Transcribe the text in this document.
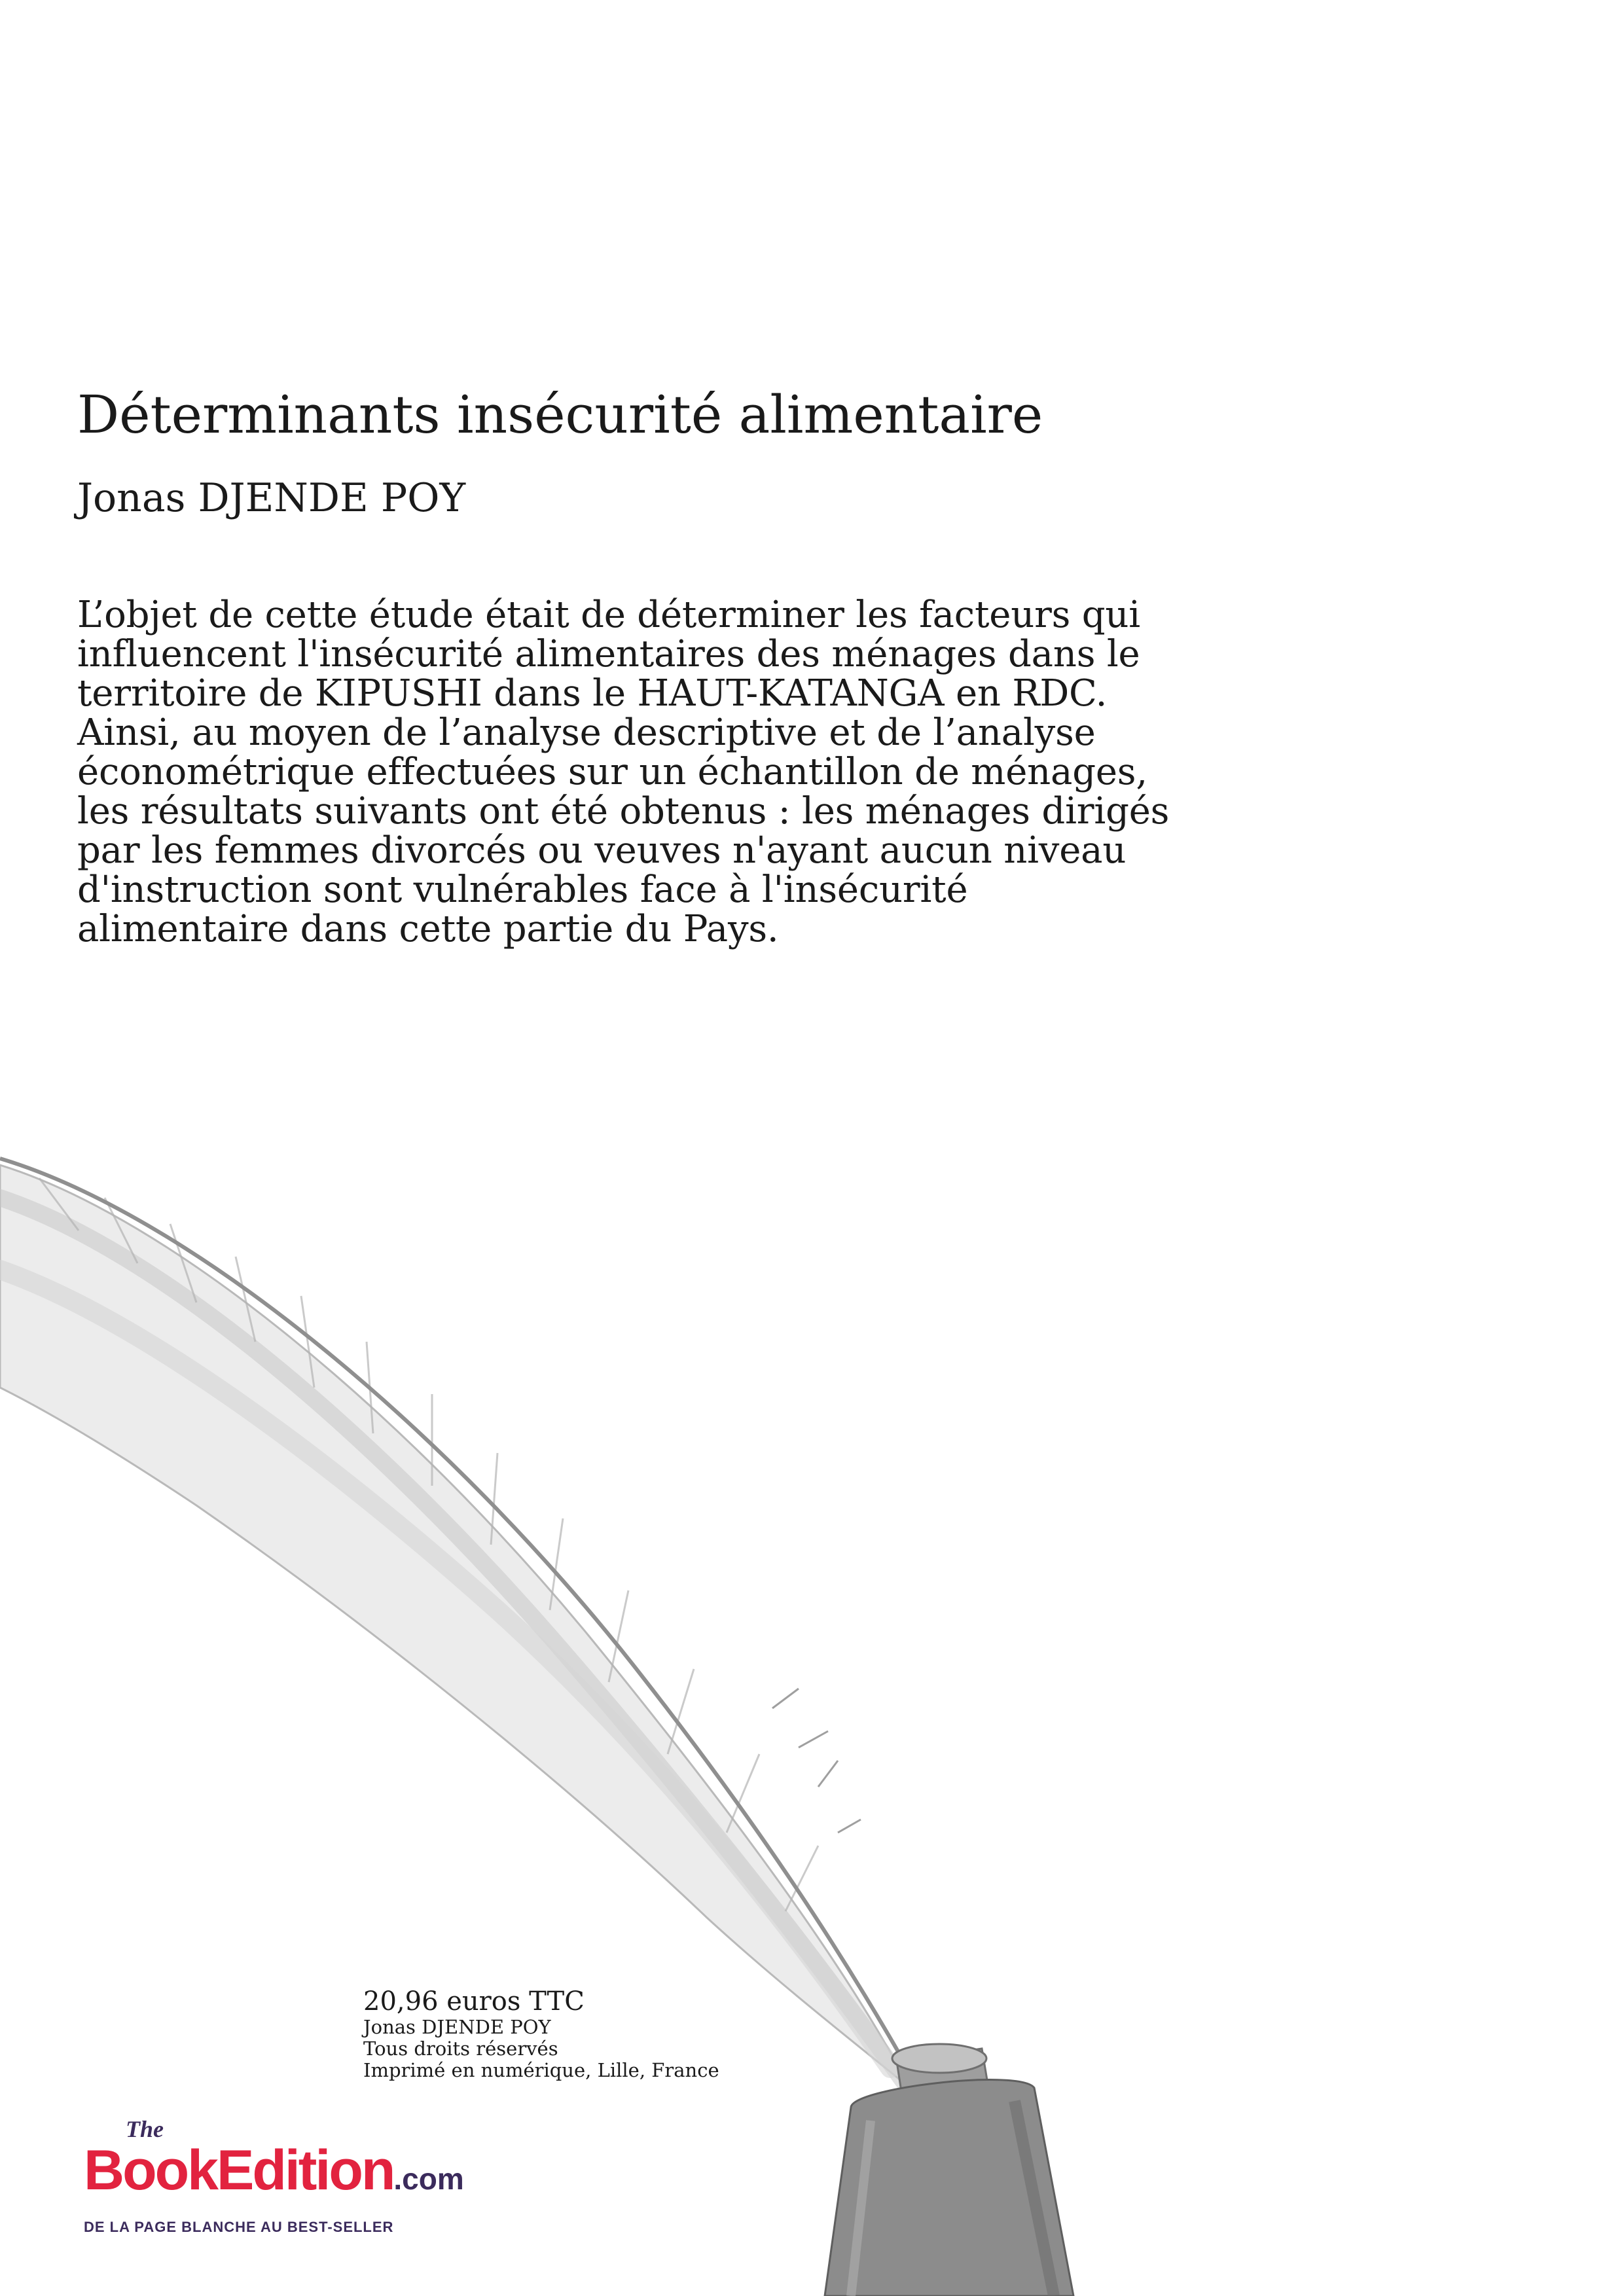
Déterminants insécurité alimentaire
Jonas DJENDE POY
L’objet de cette étude était de déterminer les facteurs qui
influencent l'insécurité alimentaires des ménages dans le
territoire de KIPUSHI dans le HAUT-KATANGA en RDC.
Ainsi, au moyen de l’analyse descriptive et de l’analyse
économétrique effectuées sur un échantillon de ménages,
les résultats suivants ont été obtenus : les ménages dirigés
par les femmes divorcés ou veuves n'ayant aucun niveau
d'instruction sont vulnérables face à l'insécurité
alimentaire dans cette partie du Pays.
20,96 euros TTC
Jonas DJENDE POY
Tous droits réservés
Imprimé en numérique, Lille, France
The
BookEdition.com
DE LA PAGE BLANCHE AU BEST-SELLER
